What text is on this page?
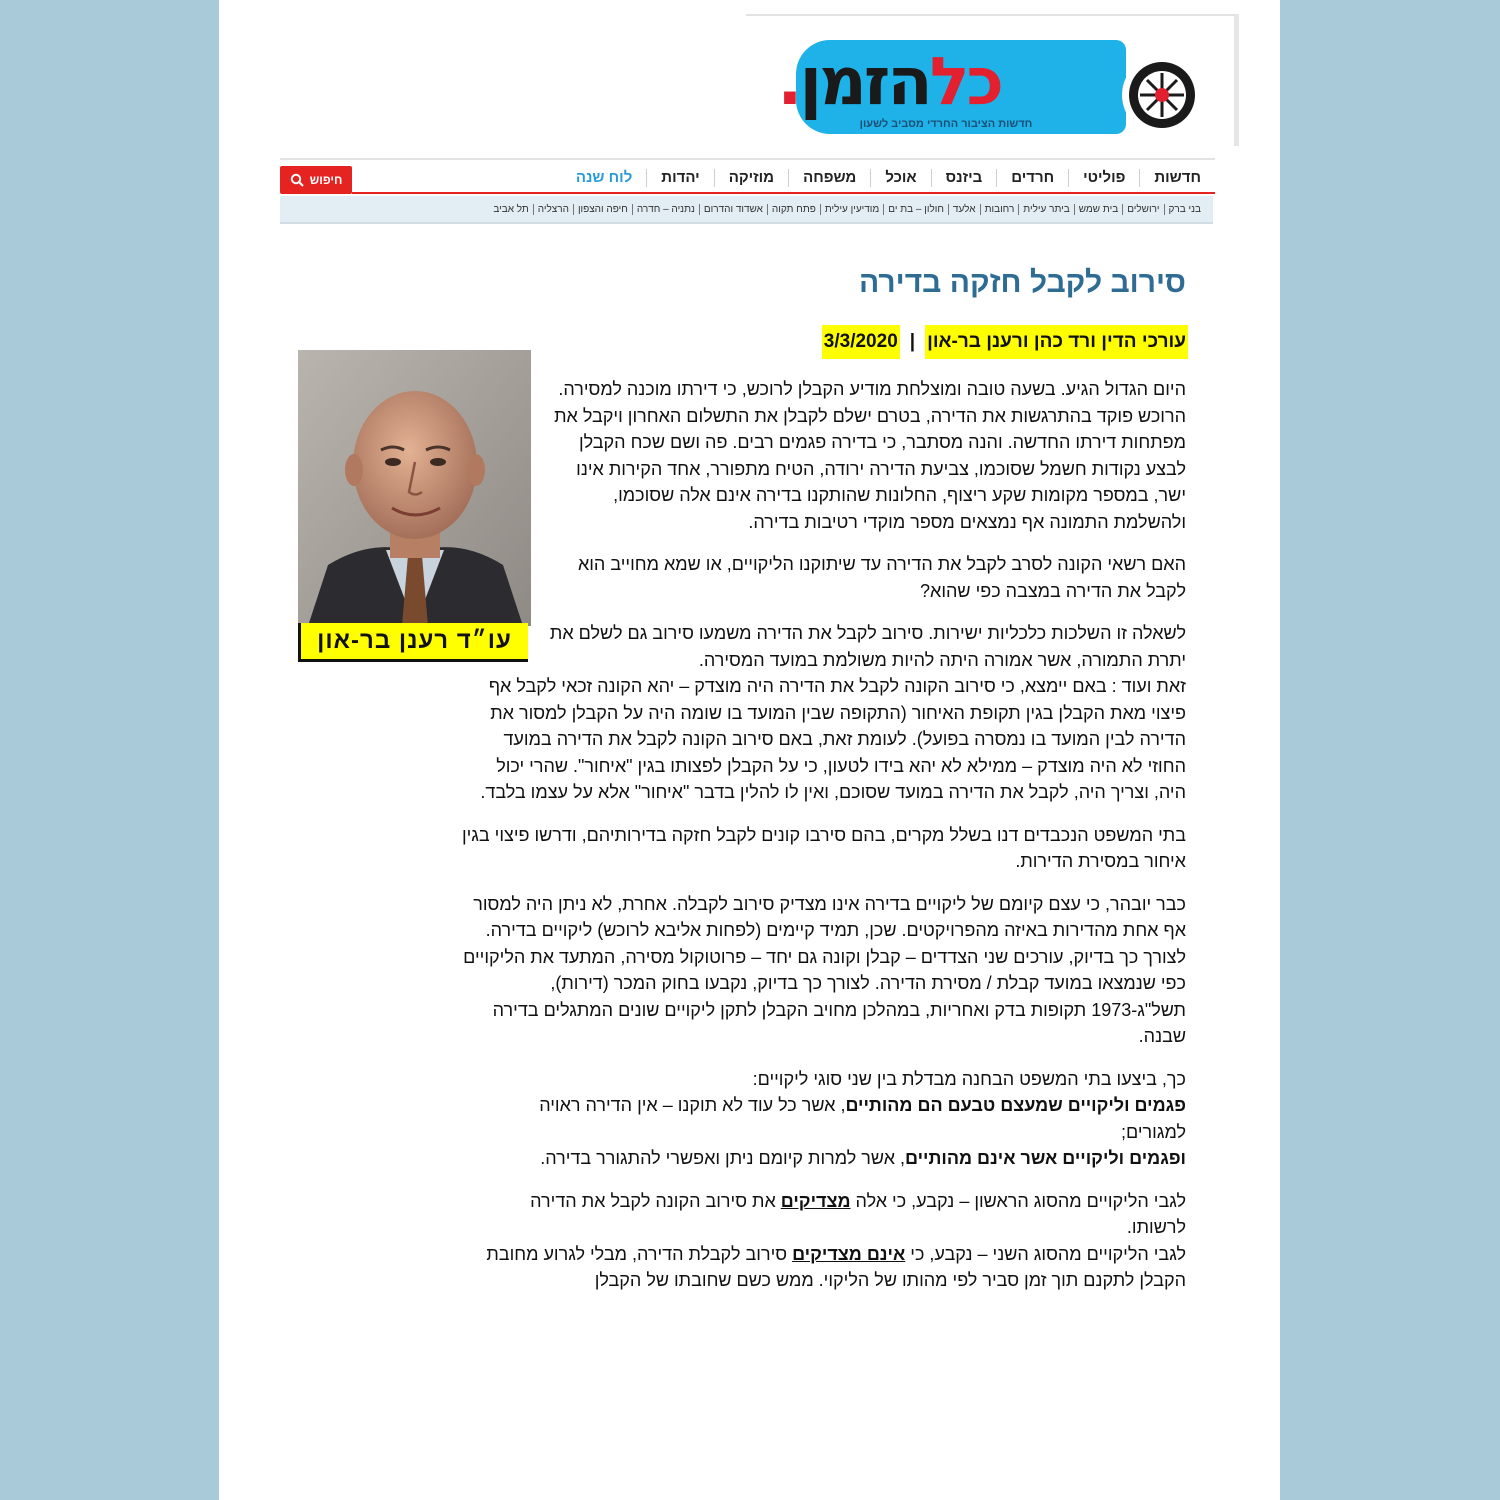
כלהזמן.
חדשות הציבור החרדי מסביב לשעון
חדשות
פוליטי
חרדים
ביזנס
אוכל
משפחה
מוזיקה
יהדות
לוח שנה
חיפוש
בני ברק
ירושלים
בית שמש
ביתר עילית
רחובות
אלעד
חולון – בת ים
מודיעין עילית
פתח תקוה
אשדוד והדרום
נתניה – חדרה
חיפה והצפון
הרצליה
תל אביב
סירוב לקבל חזקה בדירה
עורכי הדין ורד כהן ורענן בר-און
|
3/3/2020
עו״ד רענן בר-און

היום הגדול הגיע. בשעה טובה ומוצלחת מודיע הקבלן לרוכש, כי דירתו מוכנה למסירה. הרוכש פוקד בהתרגשות את הדירה, בטרם ישלם לקבלן את התשלום האחרון ויקבל את מפתחות דירתו החדשה. והנה מסתבר, כי בדירה פגמים רבים. פה ושם שכח הקבלן לבצע נקודות חשמל שסוכמו, צביעת הדירה ירודה, הטיח מתפורר, אחד הקירות אינו ישר, במספר מקומות שקע ריצוף, החלונות שהותקנו בדירה אינם אלה שסוכמו, ולהשלמת התמונה אף נמצאים מספר מוקדי רטיבות בדירה.

האם רשאי הקונה לסרב לקבל את הדירה עד שיתוקנו הליקויים, או שמא מחוייב הוא לקבל את הדירה במצבה כפי שהוא?

לשאלה זו השלכות כלכליות ישירות. סירוב לקבל את הדירה משמעו סירוב גם לשלם את יתרת התמורה, אשר אמורה היתה להיות משולמת במועד המסירה.

זאת ועוד : באם יימצא, כי סירוב הקונה לקבל את הדירה היה מוצדק – יהא הקונה זכאי לקבל אף פיצוי מאת הקבלן בגין תקופת האיחור (התקופה שבין המועד בו שומה היה על הקבלן למסור את הדירה לבין המועד בו נמסרה בפועל). לעומת זאת, באם סירוב הקונה לקבל את הדירה במועד החוזי לא היה מוצדק – ממילא לא יהא בידו לטעון, כי על הקבלן לפצותו בגין "איחור". שהרי יכול היה, וצריך היה, לקבל את הדירה במועד שסוכם, ואין לו להלין בדבר "איחור" אלא על עצמו בלבד.

בתי המשפט הנכבדים דנו בשלל מקרים, בהם סירבו קונים לקבל חזקה בדירותיהם, ודרשו פיצוי בגין איחור במסירת הדירות.

כבר יובהר, כי עצם קיומם של ליקויים בדירה אינו מצדיק סירוב לקבלה. אחרת, לא ניתן היה למסור אף אחת מהדירות באיזה מהפרויקטים. שכן, תמיד קיימים (לפחות אליבא לרוכש) ליקויים בדירה. לצורך כך בדיוק, עורכים שני הצדדים – קבלן וקונה גם יחד – פרוטוקול מסירה, המתעד את הליקויים כפי שנמצאו במועד קבלת / מסירת הדירה. לצורך כך בדיוק, נקבעו בחוק המכר (דירות), תשל"ג-1973 תקופות בדק ואחריות, במהלכן מחויב הקבלן לתקן ליקויים שונים המתגלים בדירה שבנה.

כך, ביצעו בתי המשפט הבחנה מבדלת בין שני סוגי ליקויים:
פגמים וליקויים שמעצם טבעם הם מהותיים, אשר כל עוד לא תוקנו – אין הדירה ראויה למגורים;
ופגמים וליקויים אשר אינם מהותיים, אשר למרות קיומם ניתן ואפשרי להתגורר בדירה.

לגבי הליקויים מהסוג הראשון – נקבע, כי אלה מצדיקים את סירוב הקונה לקבל את הדירה לרשותו.

לגבי הליקויים מהסוג השני – נקבע, כי אינם מצדיקים סירוב לקבלת הדירה, מבלי לגרוע מחובת הקבלן לתקנם תוך זמן סביר לפי מהותו של הליקוי. ממש כשם שחובתו של הקבלן
